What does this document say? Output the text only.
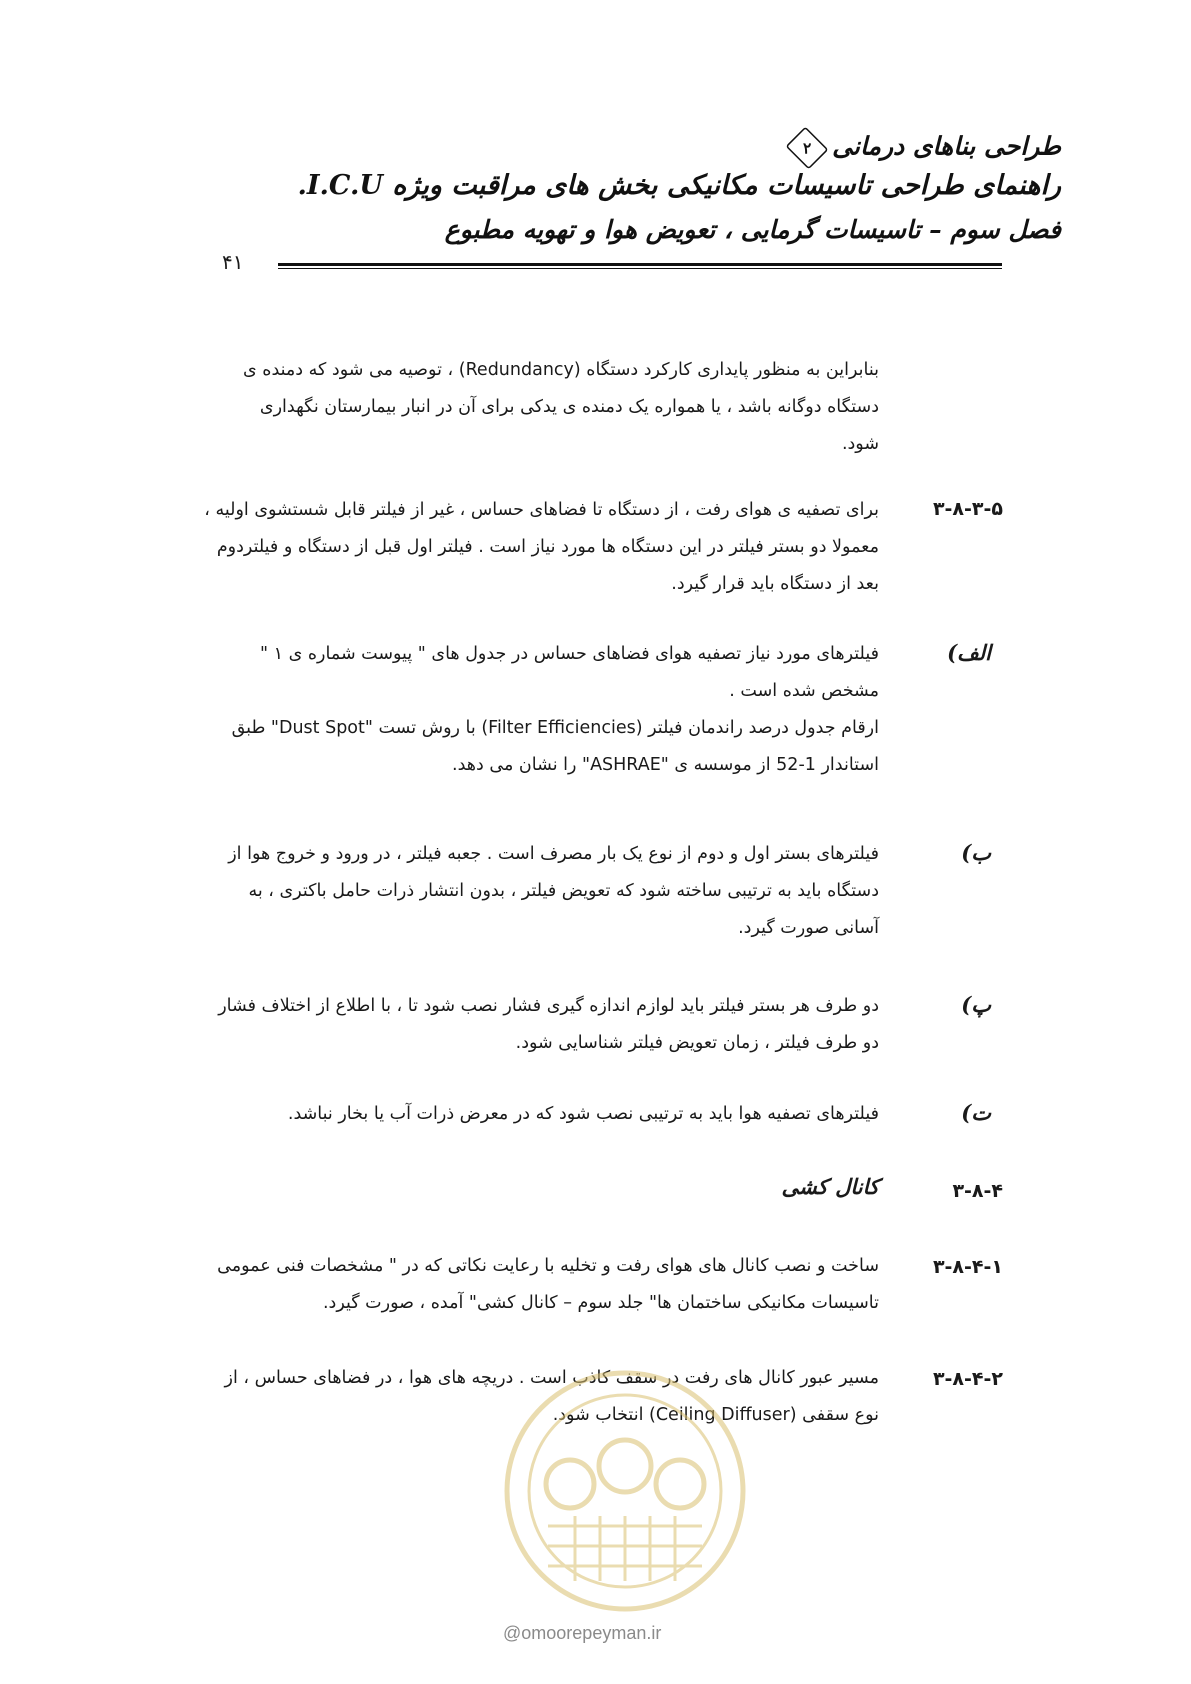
طراحی بناهای درمانی۲
راهنمای طراحی تاسیسات مکانیکی بخش های مراقبت ویژه I.C.U.
فصل سوم – تاسیسات گرمایی ، تعویض هوا و تهویه مطبوع
۴۱
بنابراین به منظور پایداری کارکرد دستگاه (Redundancy) ، توصیه می شود که دمنده ی دستگاه دوگانه باشد ، یا همواره یک دمنده ی یدکی برای آن در انبار بیمارستان نگهداری شود.
۳-۸-۳-۵
برای تصفیه ی هوای رفت ، از دستگاه تا فضاهای حساس ، غیر از فیلتر قابل شستشوی اولیه ، معمولا دو بستر فیلتر در این دستگاه ها مورد نیاز است . فیلتر اول قبل از دستگاه و فیلتردوم بعد از دستگاه باید قرار گیرد.
الف)
فیلترهای مورد نیاز تصفیه هوای فضاهای حساس در جدول های " پیوست شماره ی ۱ " مشخص شده است .
ارقام جدول درصد راندمان فیلتر (Filter Efficiencies) با روش تست "Dust Spot" طبق استاندار 1-52 از موسسه ی "ASHRAE" را نشان می دهد.
ب)
فیلترهای بستر اول و دوم از نوع یک بار مصرف است . جعبه فیلتر ، در ورود و خروج هوا از دستگاه باید به ترتیبی ساخته شود که تعویض فیلتر ، بدون انتشار ذرات حامل باکتری ، به آسانی صورت گیرد.
پ)
دو طرف هر بستر فیلتر باید لوازم اندازه گیری فشار نصب شود تا ، با اطلاع از اختلاف فشار دو طرف فیلتر ، زمان تعویض فیلتر شناسایی شود.
ت)
فیلترهای تصفیه هوا باید به ترتیبی نصب شود که در معرض ذرات آب یا بخار نباشد.
۳-۸-۴
کانال کشی
۳-۸-۴-۱
ساخت و نصب کانال های هوای رفت و تخلیه با رعایت نکاتی که در " مشخصات فنی عمومی تاسیسات مکانیکی ساختمان ها" جلد سوم – کانال کشی" آمده ، صورت گیرد.
۳-۸-۴-۲
مسیر عبور کانال های رفت در سقف کاذب است . دریچه های هوا ، در فضاهای حساس ، از نوع سقفی (Ceiling Diffuser) انتخاب شود.
@omoorepeyman.ir
